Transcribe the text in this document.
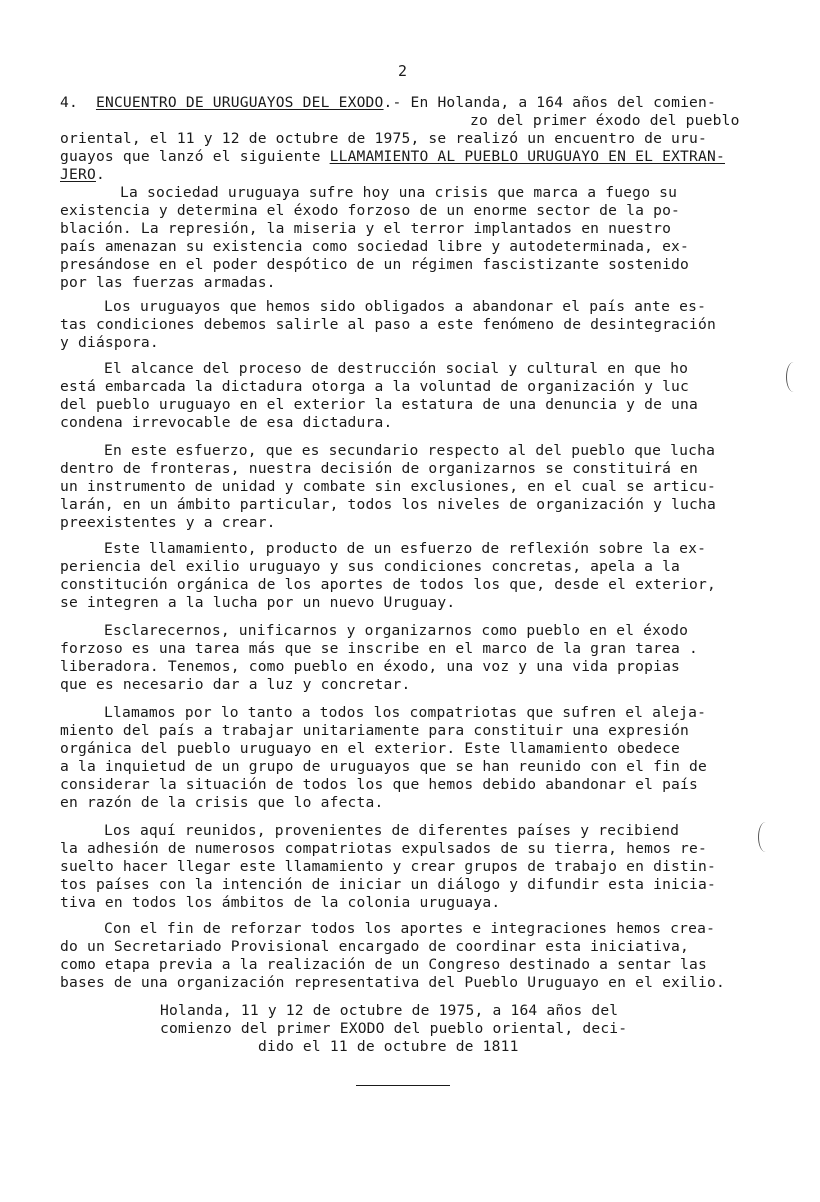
2
4. ENCUENTRO DE URUGUAYOS DEL EXODO.- En Holanda, a 164 años del comien-
zo del primer éxodo del pueblo
oriental, el 11 y 12 de octubre de 1975, se realizó un encuentro de uru-
guayos que lanzó el siguiente LLAMAMIENTO AL PUEBLO URUGUAYO EN EL EXTRAN-
JERO.
La sociedad uruguaya sufre hoy una crisis que marca a fuego su
existencia y determina el éxodo forzoso de un enorme sector de la po-
blación. La represión, la miseria y el terror implantados en nuestro
país amenazan su existencia como sociedad libre y autodeterminada, ex-
presándose en el poder despótico de un régimen fascistizante sostenido
por las fuerzas armadas.
Los uruguayos que hemos sido obligados a abandonar el país ante es-
tas condiciones debemos salirle al paso a este fenómeno de desintegración
y diáspora.
El alcance del proceso de destrucción social y cultural en que ho
está embarcada la dictadura otorga a la voluntad de organización y luc
del pueblo uruguayo en el exterior la estatura de una denuncia y de una
condena irrevocable de esa dictadura.
En este esfuerzo, que es secundario respecto al del pueblo que lucha
dentro de fronteras, nuestra decisión de organizarnos se constituirá en
un instrumento de unidad y combate sin exclusiones, en el cual se articu-
larán, en un ámbito particular, todos los niveles de organización y lucha
preexistentes y a crear.
Este llamamiento, producto de un esfuerzo de reflexión sobre la ex-
periencia del exilio uruguayo y sus condiciones concretas, apela a la
constitución orgánica de los aportes de todos los que, desde el exterior,
se integren a la lucha por un nuevo Uruguay.
Esclarecernos, unificarnos y organizarnos como pueblo en el éxodo
forzoso es una tarea más que se inscribe en el marco de la gran tarea .
liberadora. Tenemos, como pueblo en éxodo, una voz y una vida propias
que es necesario dar a luz y concretar.
Llamamos por lo tanto a todos los compatriotas que sufren el aleja-
miento del país a trabajar unitariamente para constituir una expresión
orgánica del pueblo uruguayo en el exterior. Este llamamiento obedece
a la inquietud de un grupo de uruguayos que se han reunido con el fin de
considerar la situación de todos los que hemos debido abandonar el país
en razón de la crisis que lo afecta.
Los aquí reunidos, provenientes de diferentes países y recibiend
la adhesión de numerosos compatriotas expulsados de su tierra, hemos re-
suelto hacer llegar este llamamiento y crear grupos de trabajo en distin-
tos países con la intención de iniciar un diálogo y difundir esta inicia-
tiva en todos los ámbitos de la colonia uruguaya.
Con el fin de reforzar todos los aportes e integraciones hemos crea-
do un Secretariado Provisional encargado de coordinar esta iniciativa,
como etapa previa a la realización de un Congreso destinado a sentar las
bases de una organización representativa del Pueblo Uruguayo en el exilio.
Holanda, 11 y 12 de octubre de 1975, a 164 años del
comienzo del primer EXODO del pueblo oriental, deci-
dido el 11 de octubre de 1811
